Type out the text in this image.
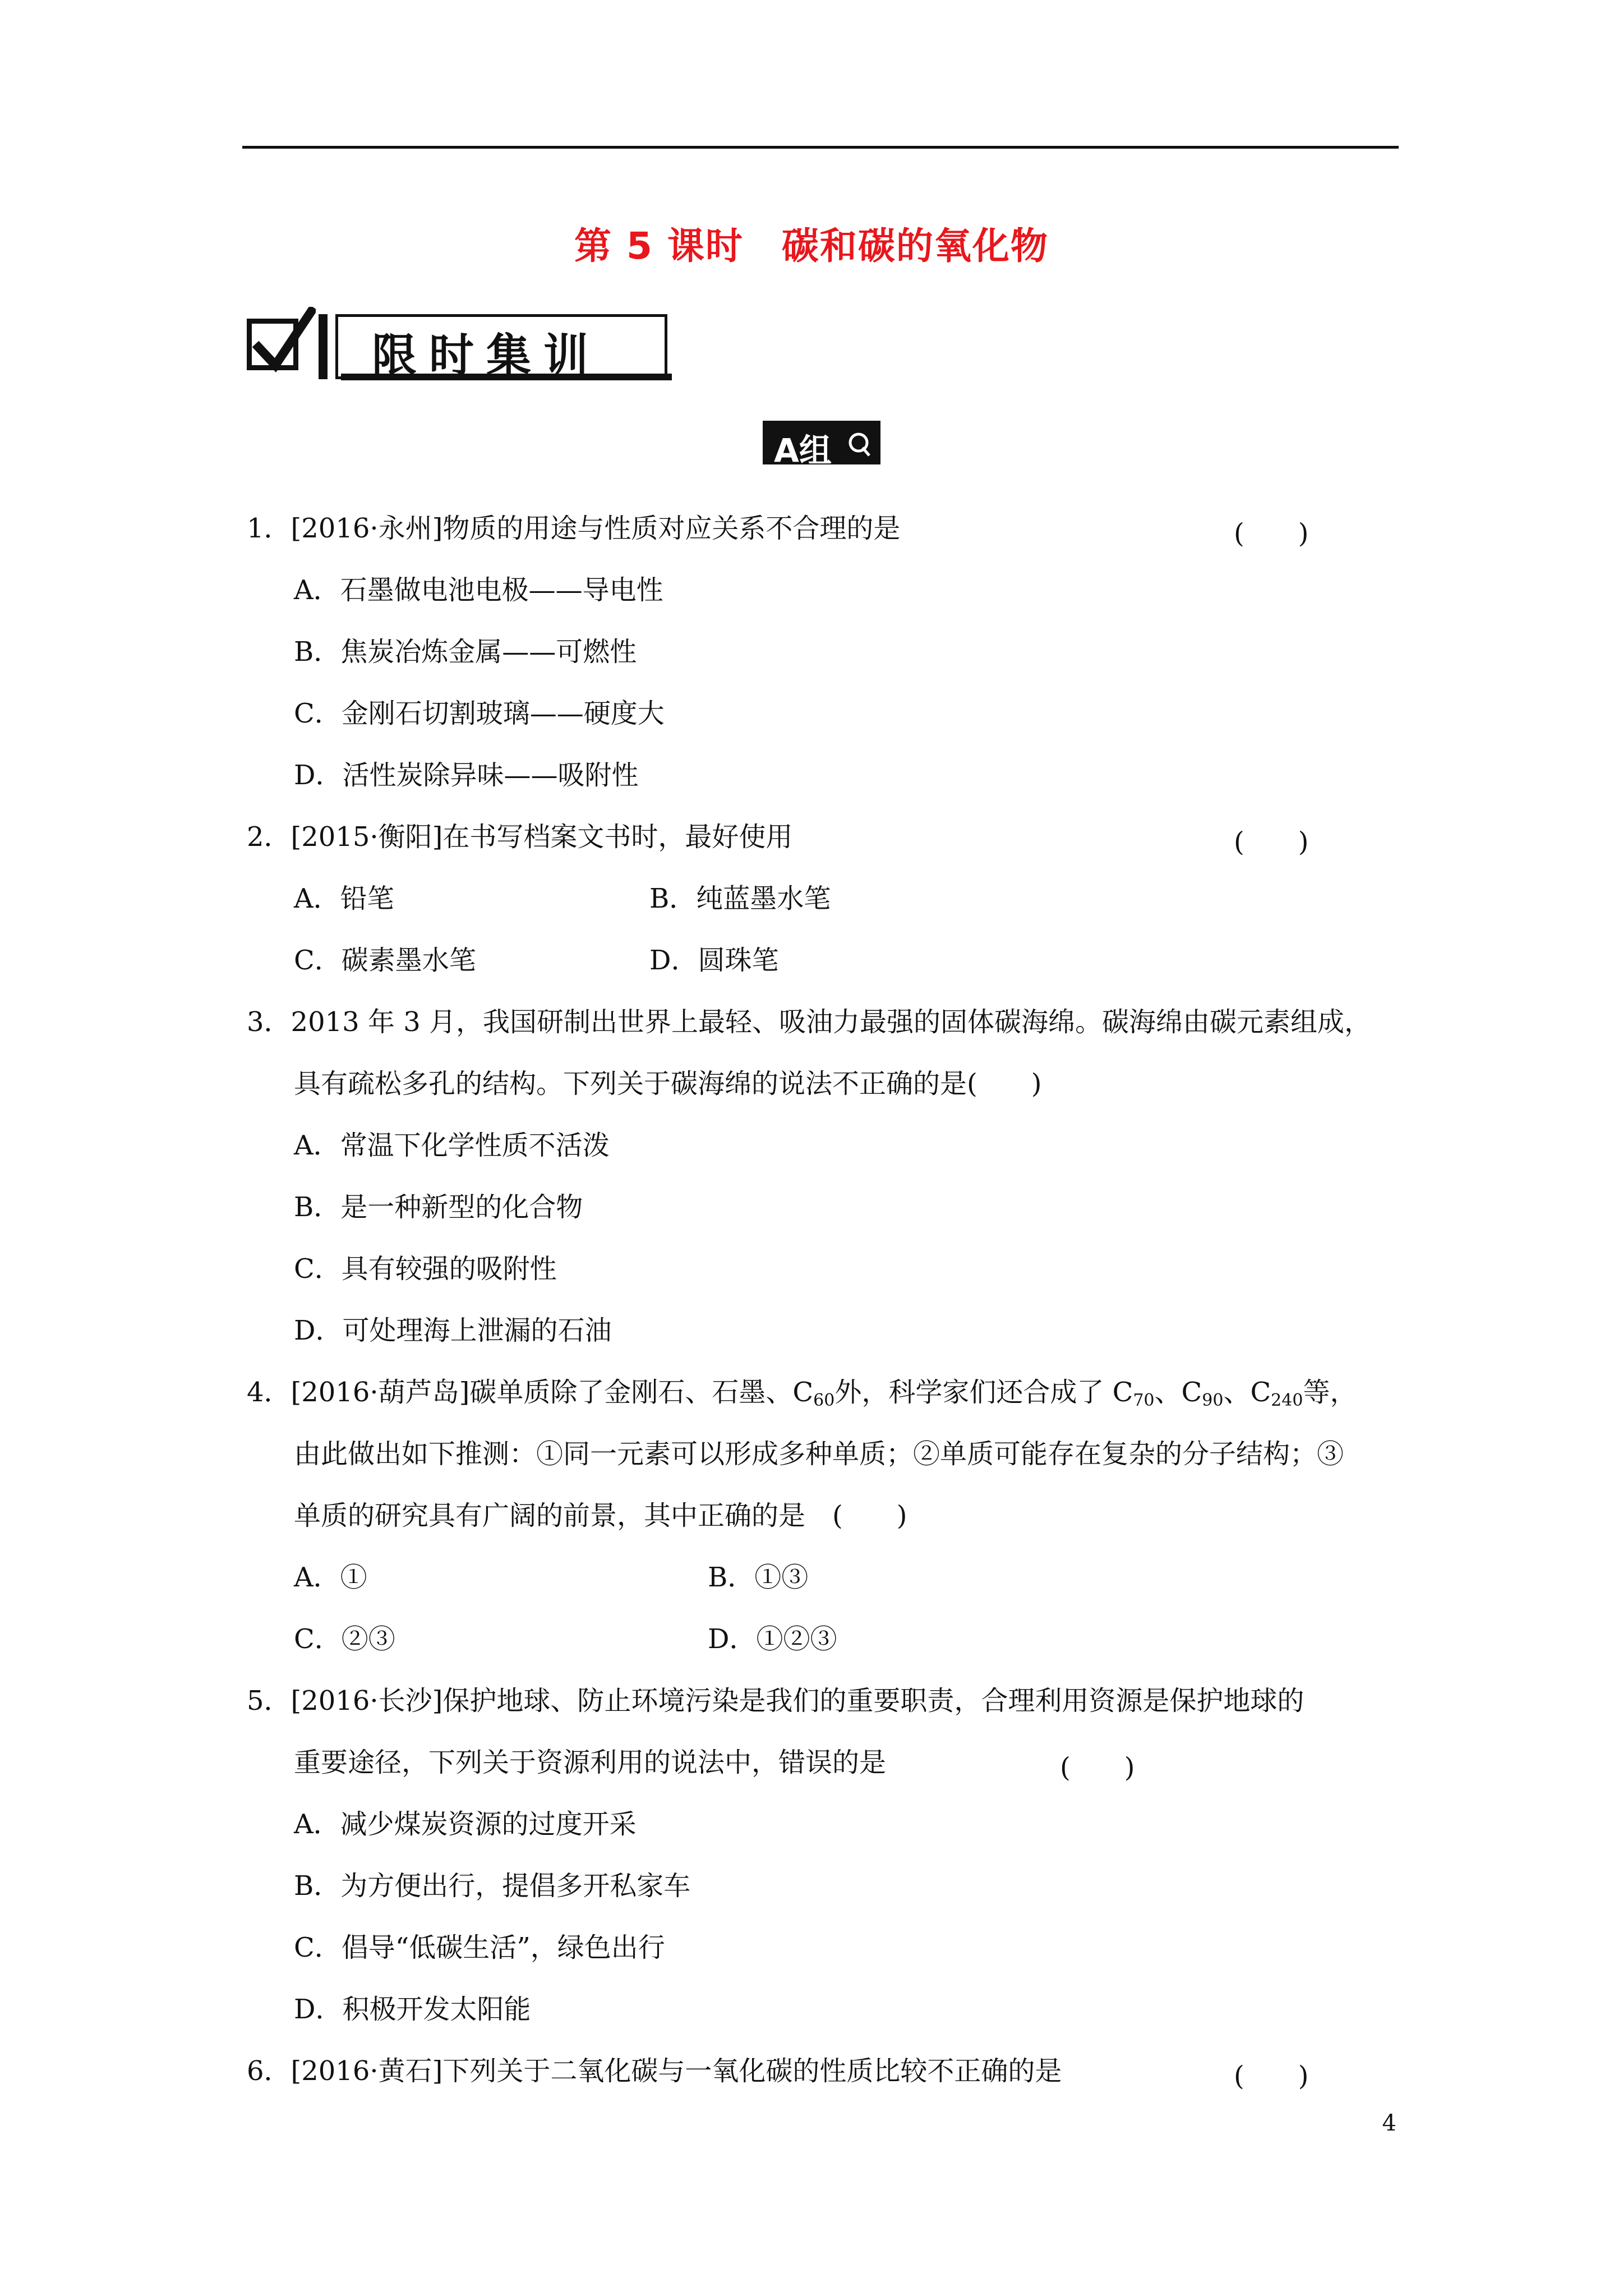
第 5 课时　碳和碳的氧化物
限时集训
A组
1．[2016·永州]物质的用途与性质对应关系不合理的是	(　　)
A．石墨做电池电极——导电性
B．焦炭冶炼金属——可燃性
C．金刚石切割玻璃——硬度大
D．活性炭除异味——吸附性
2．[2015·衡阳]在书写档案文书时，最好使用	(　　)
A．铅笔	B．纯蓝墨水笔
C．碳素墨水笔	D．圆珠笔
3．2013 年 3 月，我国研制出世界上最轻、吸油力最强的固体碳海绵。碳海绵由碳元素组成，
具有疏松多孔的结构。下列关于碳海绵的说法不正确的是(　　)
A．常温下化学性质不活泼
B．是一种新型的化合物
C．具有较强的吸附性
D．可处理海上泄漏的石油
4．[2016·葫芦岛]碳单质除了金刚石、石墨、$C_{60}$外，科学家们还合成了 $C_{70}$、$C_{90}$、$C_{240}$等，
由此做出如下推测：①同一元素可以形成多种单质；②单质可能存在复杂的分子结构；③
单质的研究具有广阔的前景，其中正确的是　(　　)
A．①	B．①③
C．②③	D．①②③
5．[2016·长沙]保护地球、防止环境污染是我们的重要职责，合理利用资源是保护地球的
重要途径，下列关于资源利用的说法中，错误的是	(　　)
A．减少煤炭资源的过度开采
B．为方便出行，提倡多开私家车
C．倡导“低碳生活”，绿色出行
D．积极开发太阳能
6．[2016·黄石]下列关于二氧化碳与一氧化碳的性质比较不正确的是	(　　)
4
